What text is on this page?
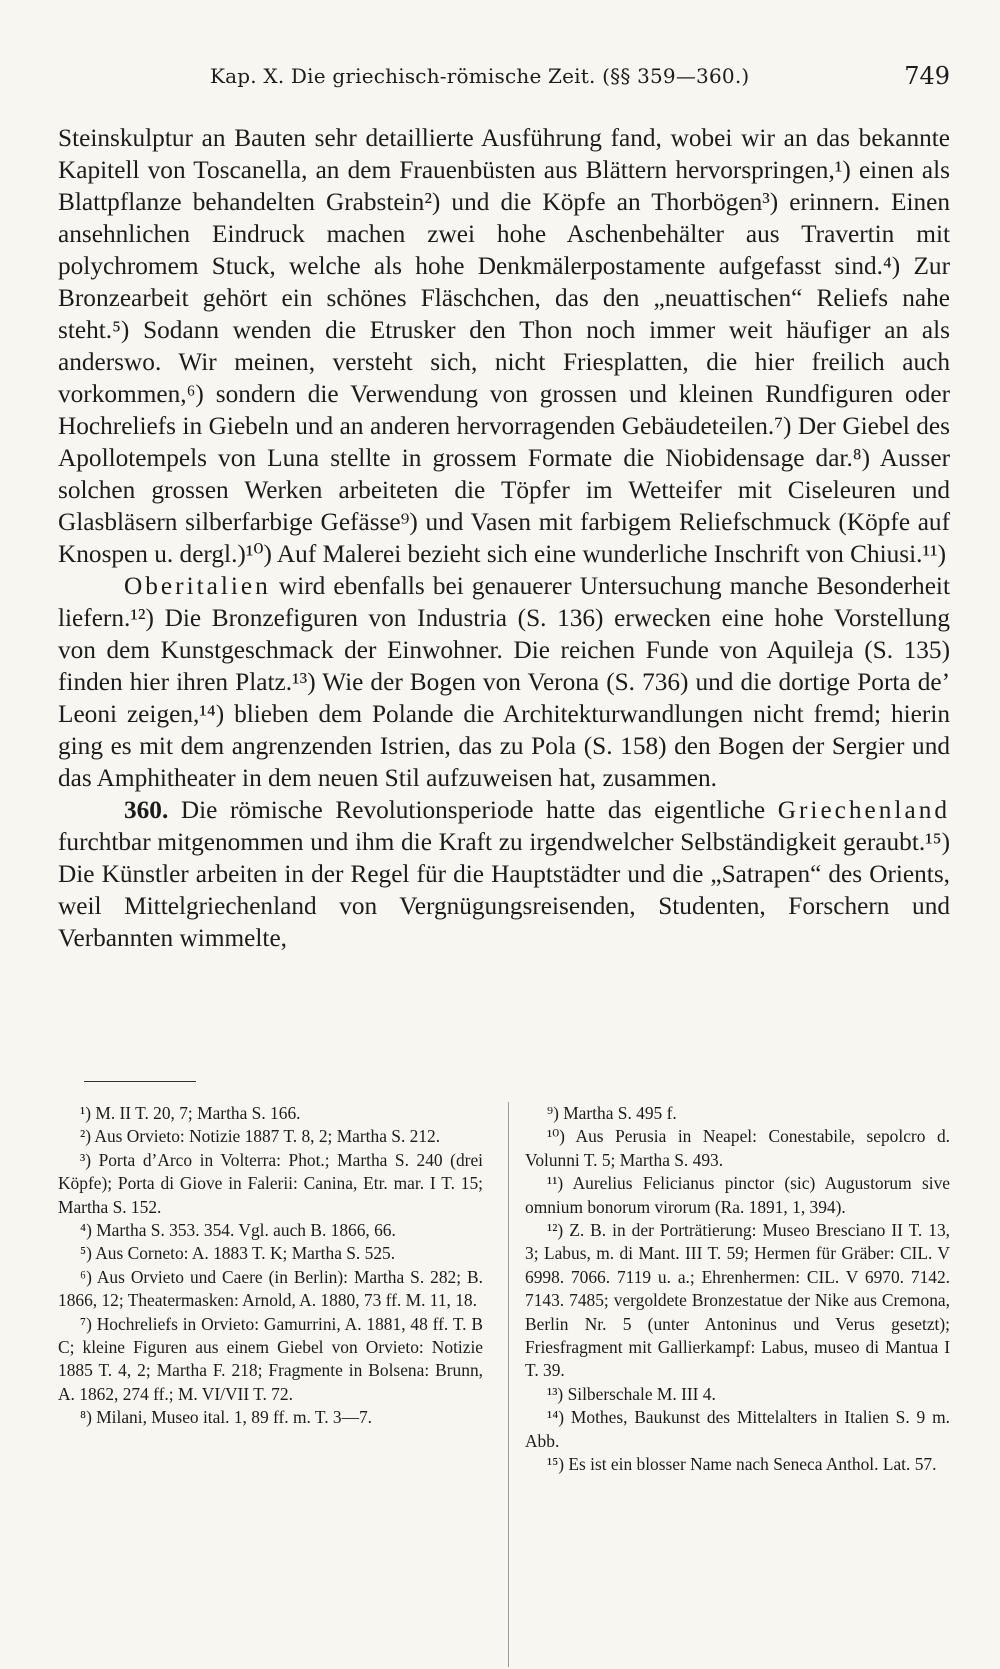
Kap. X. Die griechisch-römische Zeit. (§§ 359—360.)	749

Steinskulptur an Bauten sehr detaillierte Ausführung fand, wobei wir an das bekannte Kapitell von Toscanella, an dem Frauenbüsten aus Blättern hervorspringen,¹) einen als Blattpflanze behandelten Grabstein²) und die Köpfe an Thorbögen³) erinnern. Einen ansehnlichen Eindruck machen zwei hohe Aschenbehälter aus Travertin mit polychromem Stuck, welche als hohe Denkmälerpostamente aufgefasst sind.⁴) Zur Bronzearbeit gehört ein schönes Fläschchen, das den „neuattischen“ Reliefs nahe steht.⁵) Sodann wenden die Etrusker den Thon noch immer weit häufiger an als anderswo. Wir meinen, versteht sich, nicht Friesplatten, die hier freilich auch vorkommen,⁶) sondern die Verwendung von grossen und kleinen Rundfiguren oder Hochreliefs in Giebeln und an anderen hervorragenden Gebäudeteilen.⁷) Der Giebel des Apollotempels von Luna stellte in grossem Formate die Niobidensage dar.⁸) Ausser solchen grossen Werken arbeiteten die Töpfer im Wetteifer mit Ciseleuren und Glasbläsern silberfarbige Gefässe⁹) und Vasen mit farbigem Reliefschmuck (Köpfe auf Knospen u. dergl.)¹⁰) Auf Malerei bezieht sich eine wunderliche Inschrift von Chiusi.¹¹)

Oberitalien wird ebenfalls bei genauerer Untersuchung manche Besonderheit liefern.¹²) Die Bronzefiguren von Industria (S. 136) erwecken eine hohe Vorstellung von dem Kunstgeschmack der Einwohner. Die reichen Funde von Aquileja (S. 135) finden hier ihren Platz.¹³) Wie der Bogen von Verona (S. 736) und die dortige Porta de’ Leoni zeigen,¹⁴) blieben dem Polande die Architekturwandlungen nicht fremd; hierin ging es mit dem angrenzenden Istrien, das zu Pola (S. 158) den Bogen der Sergier und das Amphitheater in dem neuen Stil aufzuweisen hat, zusammen.

360. Die römische Revolutionsperiode hatte das eigentliche Griechenland furchtbar mitgenommen und ihm die Kraft zu irgendwelcher Selbständigkeit geraubt.¹⁵) Die Künstler arbeiten in der Regel für die Hauptstädter und die „Satrapen“ des Orients, weil Mittelgriechenland von Vergnügungsreisenden, Studenten, Forschern und Verbannten wimmelte,

¹) M. II T. 20, 7; Martha S. 166.

²) Aus Orvieto: Notizie 1887 T. 8, 2; Martha S. 212.

³) Porta d’Arco in Volterra: Phot.; Martha S. 240 (drei Köpfe); Porta di Giove in Falerii: Canina, Etr. mar. I T. 15; Martha S. 152.

⁴) Martha S. 353. 354. Vgl. auch B. 1866, 66.

⁵) Aus Corneto: A. 1883 T. K; Martha S. 525.

⁶) Aus Orvieto und Caere (in Berlin): Martha S. 282; B. 1866, 12; Theatermasken: Arnold, A. 1880, 73 ff. M. 11, 18.

⁷) Hochreliefs in Orvieto: Gamurrini, A. 1881, 48 ff. T. B C; kleine Figuren aus einem Giebel von Orvieto: Notizie 1885 T. 4, 2; Martha F. 218; Fragmente in Bolsena: Brunn, A. 1862, 274 ff.; M. VI/VII T. 72.

⁸) Milani, Museo ital. 1, 89 ff. m. T. 3—7.

⁹) Martha S. 495 f.

¹⁰) Aus Perusia in Neapel: Conestabile, sepolcro d. Volunni T. 5; Martha S. 493.

¹¹) Aurelius Felicianus pinctor (sic) Augustorum sive omnium bonorum virorum (Ra. 1891, 1, 394).

¹²) Z. B. in der Porträtierung: Museo Bresciano II T. 13, 3; Labus, m. di Mant. III T. 59; Hermen für Gräber: CIL. V 6998. 7066. 7119 u. a.; Ehrenhermen: CIL. V 6970. 7142. 7143. 7485; vergoldete Bronzestatue der Nike aus Cremona, Berlin Nr. 5 (unter Antoninus und Verus gesetzt); Friesfragment mit Gallierkampf: Labus, museo di Mantua I T. 39.

¹³) Silberschale M. III 4.

¹⁴) Mothes, Baukunst des Mittelalters in Italien S. 9 m. Abb.

¹⁵) Es ist ein blosser Name nach Seneca Anthol. Lat. 57.
